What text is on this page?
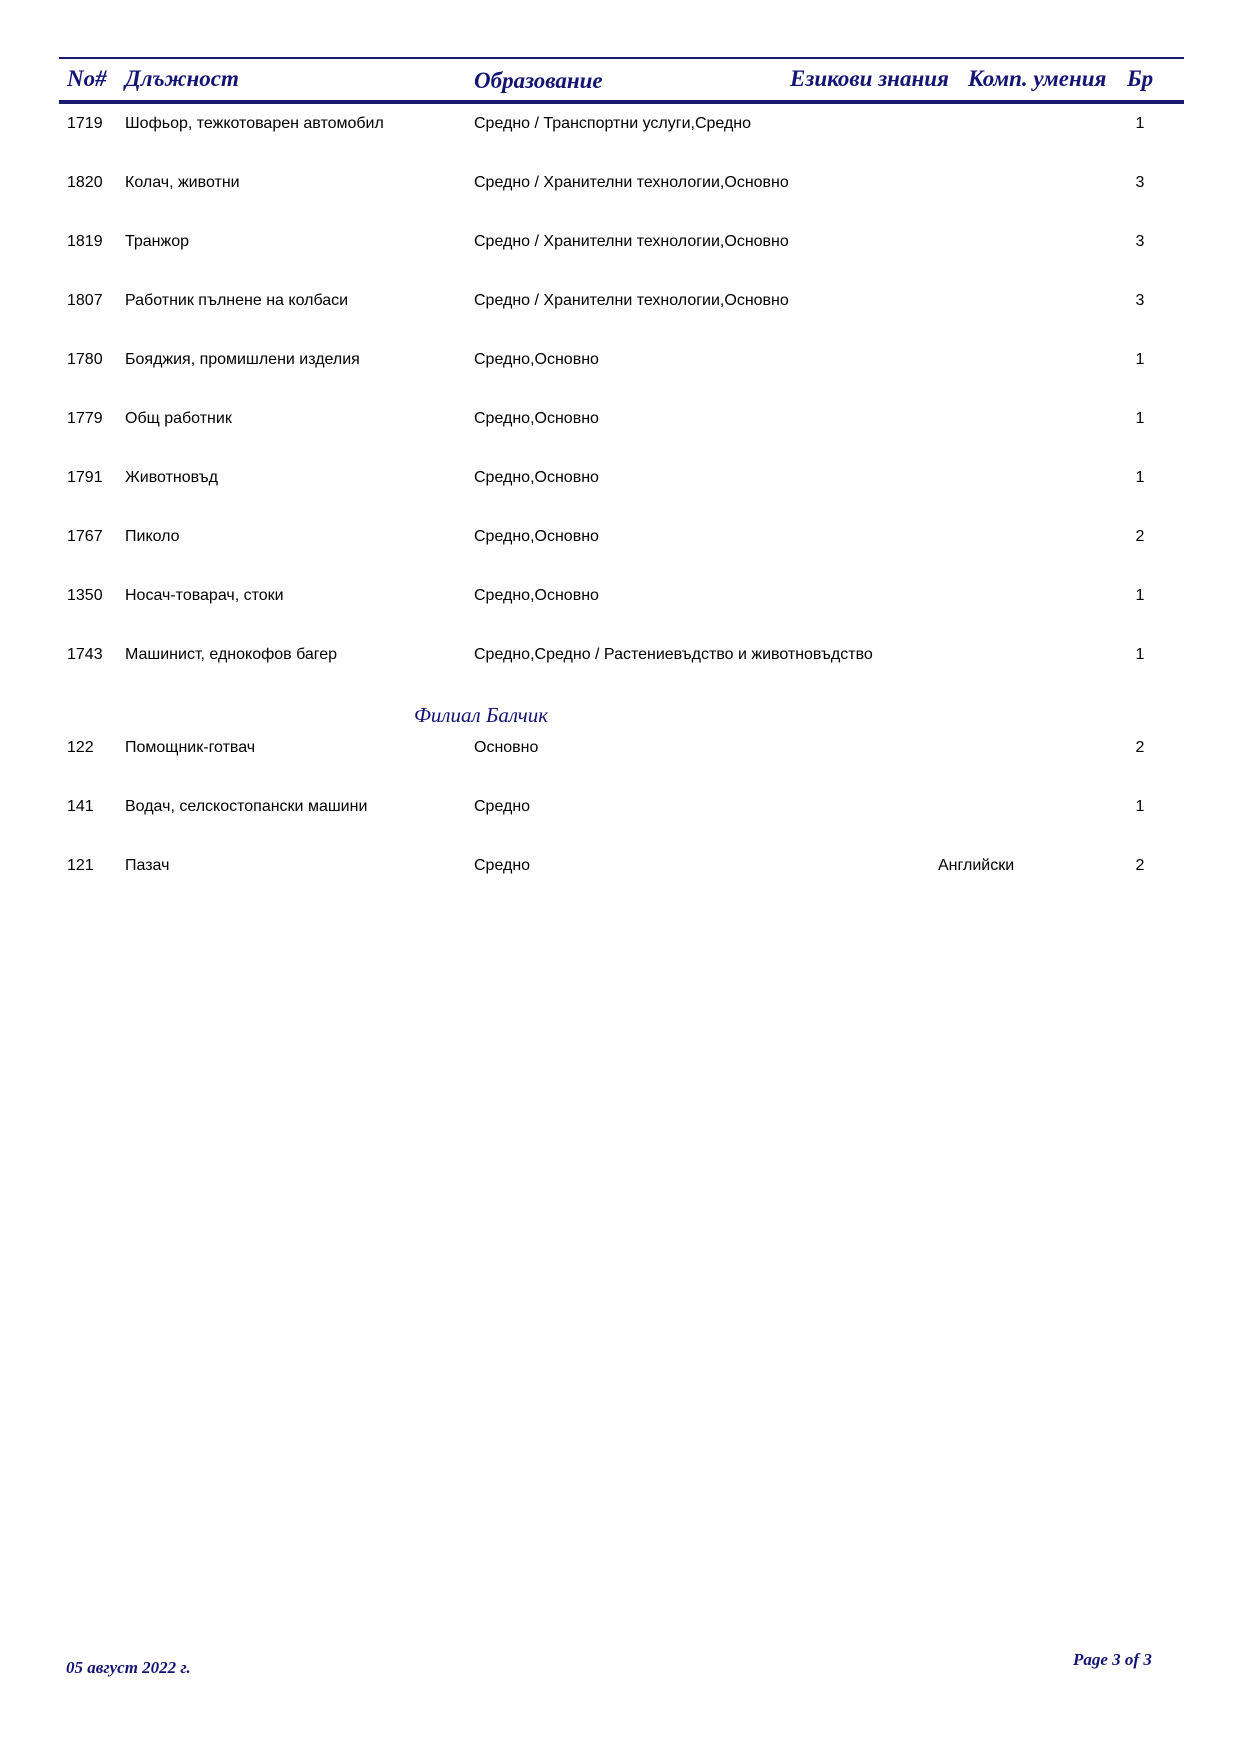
No# Длъжност	Образование	Езикови знания Комп. умения Бр
1719 Шофьор, тежкотоварен автомобил	Средно / Транспортни услуги,Средно	1
1820 Колач, животни	Средно / Хранителни технологии,Основно	3
1819 Транжор	Средно / Хранителни технологии,Основно	3
1807 Работник пълнене на колбаси	Средно / Хранителни технологии,Основно	3
1780 Бояджия, промишлени изделия	Средно,Основно	1
1779 Общ работник	Средно,Основно	1
1791 Животновъд	Средно,Основно	1
1767 Пиколо	Средно,Основно	2
1350 Носач-товарач, стоки	Средно,Основно	1
1743 Машинист, еднокофов багер	Средно,Средно / Растениевъдство и животновъдство	1
Филиал Балчик
122 Помощник-готвач	Основно	2
141 Водач, селскостопански машини	Средно	1
121 Пазач	Средно	Английски	2
05 август 2022 г.	Page 3 of 3
